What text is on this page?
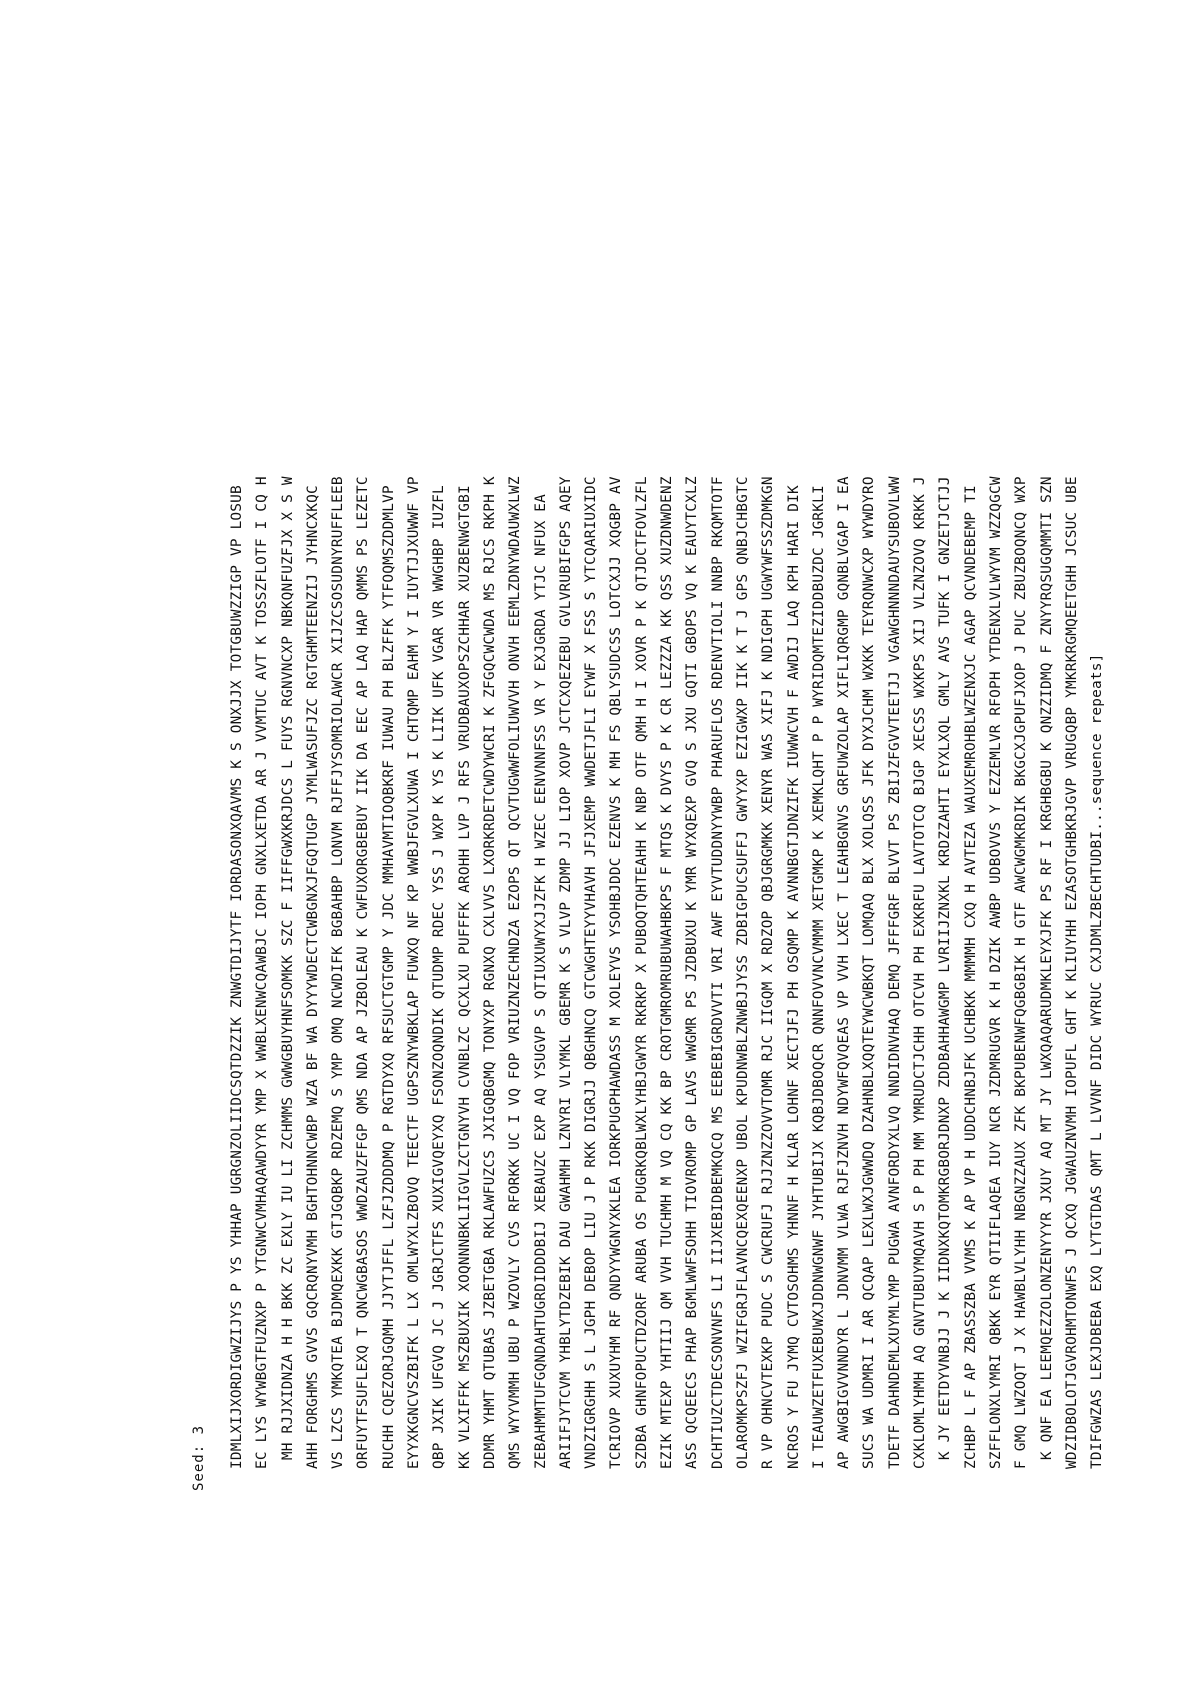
Seed: 3 IDMLXIJXORDIGWZIJYS P YS YHHAP UGRGNZOLIIDCSQTDZZIK ZNWGTDIJYTF IORDASONXQAVMS K S ONXJJX TOTGBUWZZIGP VP LOSUB EC LYS WYWBGTFUZNXP P YTGNWCVMHAQAWDYYR YMP X WWBLXENWCQAWBJC IOPH GNXLXETDA AR J VVMTUC AVT K TOSSZFLOTF I CQ H MH RJJXIDNZA H H BKK ZC EXLY IU LI ZCHMMS GWWGBUYHNFSOMKK SZC F IIFFGWXKRJDCS L FUYS RGNVNCXP NBKQNFUZFJX X S W AHH FORGHMS GVVS GQCRQNYVMH BGHTOHNNCWBP WZA BF WA DYYYWDECTCWBGNXJFGQTUGP JYMLWASUFJZC RGTGHMTEENZIJ JYHNCXKQC VS LZCS YMKQTEA BJDMQEXKK GTJGQBKP RDZEMQ S YMP OMQ NCWDIFK BGBAHBP LONVM RJFFJYSOMRIOLAWCR XIJZCSOSUDNYRUFFLEEB ORFUYTFSUFLEXQ T QNCWGBASOS WWDZAUZFFGP QMS NDA AP JZBOLEAU K CWFUXORGBEBUY IIK DA EEC AP LAQ HAP QMMS PS LEZETC RUCHH CQEZORJGQMH JJYTJFFL LZFJZDDDMQ P RGTDYXQ RFSUCTGTGMP Y JDC MMHAVMTIOQBKRF IUWAU PH BLZFFK YTFOQMSZDDMLVP EYYXKGNCVSZBIFK L LX OMLWYXLZBOVQ TEECTF UGPSZNYWBKLAP FUWXQ NF KP WWBJFGVLXUWA I CHTQMP EAHM Y I IUYTJJXUWWF VP QBP JXIK UFGVQ JC J JGRJCTFS XUXIGVQEYXQ FSONZOQNDIK QTUDMP RDEC YSS J WXP K YS K LIIK UFK VGAR VR WWGHBP IUZFL KK VLXIFFK MSZBUXIK XOQNNNBKLIIGVLZCTGNYVH CVNBLZC QCXLXU PUFFFK AROHH LVP J RFS VRUDBAUXOPSZCHHAR XUZBENWGTGBI DDMR YHMT QTUBAS JZBETGBA RKLAWFUZCS JXIGQBGMQ TONYXP RGNXQ CXLVVS LXORKRDETCWDYWCRI K ZFGQCWCWDA MS RJCS RKPH K QMS WYYVMMH UBU P WZOVLY CVS RFORKK UC I VQ FOP VRIUZNZECHNDZA EZOPS QT QCVTUGWWFOLIUWVVH ONVH EEMLZDNYWDAUWXLWZ ZEBAHMMTUFGQNDAHTUGRDIDDDBIJ XEBAUZC EXP AQ YSUGVP S QTIUXUWYXJJZFK H WZEC EENVNNFSS VR Y EXJGRDA YTJC NFUX EA ARIIFJYTCVM YHBLYTDZEBIK DAU GWAHMH LZNYRI VLYMKL GBEMR K S VLVP ZDMP JJ LIOP XOVP JCTCXQEZEBU GVLVRUBIFGPS AQEY VNDZIGRGHH S L JGPH DEBOP LIU J P RKK DIGRJJ QBGHNCQ GTCWGHTEYYVHAVH JFJXEMP WWDETJFLI EYWF X FSS S YTCQARIUXIDC TCRIOVP XUXUYHM RF QNDYYWGNYXKLEA IORKPUGPHAWDASS M XOLEYVS YSOHBJDDC EZENVS K MH FS QBLYSUDCSS LOTCXJJ XQGBP AV SZDBA GHNFOPUCTDZORF ARUBA OS PUGRKQBLWXLYHBJGWYR RKRKP X PUBOQTQHTEAHH K NBP OTF QMH H I XOVR P K QTJDCTFOVLZFL EZIK MTEXP YHTIIJ QM VVH TUCHMH M VQ CQ KK BP CROTGMROMRUBUWAHBKPS F MTQS K DVYS P K CR LEZZZA KK QSS XUZDNWDENZ ASS QCQEECS PHAP BGMLWWFSOHH TIOVROMP GP LAVS WWGMR PS JZDBUXU K YMR WYXQEXP GVQ S JXU GQTI GBOPS VQ K EAUYTCXLZ DCHTIUZCTDECSONVNFS LI IIJXEBIDBEMKQCQ MS EEBEBIGRDVVTI VRI AWF EYVTUDDNYYWBP PHARUFLOS RDENVTIOLI NNBP RKQMTOTF OLAROMKPSZFJ WZIFGRJFLAVNCQEXQEENXP UBOL KPUDNWBLZNWBJJYSS ZDBIGPUCSUFFJ GWYYXP EZIGWXP IIK K T J GPS QNBJCHBGTC R VP OHNCVTEXKP PUDC S CWCRUFJ RJJZNZZOVVTOMR RJC IIGQM X RDZOP QBJGRGMKK XENYR WAS XIFJ K NDIGPH UGWYWFSSZDMKGN NCROS Y FU JYMQ CVTOSOHMS YHNNF H KLAR LOHNF XECTJFJ PH OSQMP K AVNNBGTJDNZIFK IUWWCVH F AWDIJ LAQ KPH HARI DIK I TEAUWZETFUXEBUWXJDDNWGNWF JYHTUBIJX KQBJDBOQCR QNNFOVVNCVMMM XETGMKP K XEMKLQHT P P WYRIDQMTEZIDDBUZDC JGRKLI AP AWGBIGVVNNDYR L JDNVMM VLWA RJFJZNVH NDYWFQVQEAS VP VVH LXEC T LEAHBGNVS GRFUWZOLAP XIFLIQRGMP GQNBLVGAP I EA SUCS WA UDMRI I AR QCQAP LEXLWXJGWWDQ DZAHNBLXQQTEYWCWBKQT LOMQAQ BLX XOLQSS JFK DYXJCHM WXKK TEYRQNWCXP WYWDYRO TDETF DAHNDEMLXUYMLYMP PUGWA AVNFORDYXLVQ NNDIDNVHAQ DEMQ JFFFGRF BLVVT PS ZBIJZFGVVTEETJJ VGAWGHNNNDAUYSUBOVLWW CXKLOMLYHMH AQ GNVTUBUYMQAVH S P PH MM YMRUDCTJCHH OTCVH PH EXKRFU LAVTOTCQ BJGP XECSS WXKPS XIJ VLZNZOVQ KRKK J K JY EETDYVNBJJ J K IIDNXKQTOMKRGBORJDNXP ZDDBAHHAWGMP LVRIIJZNXKL KRDZZAHTI EYXLXQL GMLY AVS TUFK I GNZETJCTJJ ZCHBP L F AP ZBASSZBA VVMS K AP VP H UDDCHNBJFK UCHBKK MMMMH CXQ H AVTEZA WAUXEMROHBLWZENXJC AGAP QCVNDEBEMP TI SZFFLONXLYMRI QBKK EYR QTIIFLAQEA IUY NCR JZDMRUGVR K H DZIK AWBP UDBOVVS Y EZZEMLVR RFOPH YTDENXLVLWYVM WZZQGCW F GMQ LWZOQT J X HAWBLVLYHH NBGNZZAUX ZFK BKPUBENWFQGBGBIK H GTF AWCWGMKRDIK BKGCXJGPUFJXOP J PUC ZBUZBOQNCQ WXP K QNF EA LEEMQEZZOLONZENYYYR JXUY AQ MT JY LWXQAQARUDMKLEYXJFK PS RF I KRGHBGBU K QNZZIDMQ F ZNYYRQSUGQMMTI SZN WDZIDBOLOTJGVROHMTONWFS J QCXQ JGWAUZNVMH IOPUFL GHT K KLIUYHH EZASOTGHBKRJGVP VRUGQBP YMKRKRGMQEETGHH JCSUC UBE TDIFGWZAS LEXJDBEBA EXQ LYTGTDAS QMT L LVVNF DIDC WYRUC CXJDMLZBECHTUDBI...sequence repeats]
